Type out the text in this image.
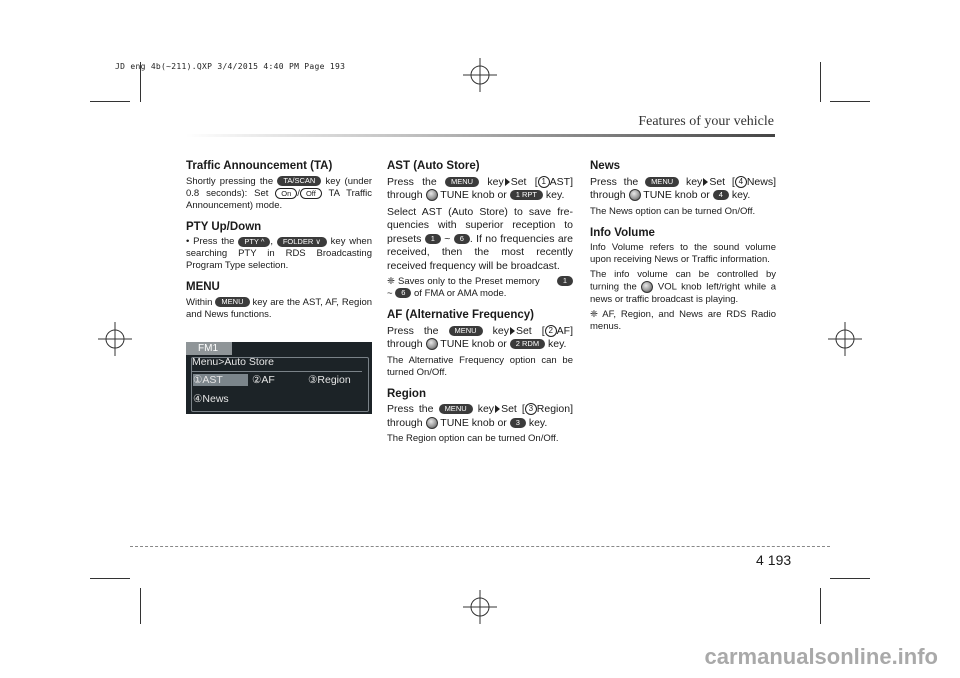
JD eng 4b(~211).QXP 3/4/2015 4:40 PM Page 193
Features of your vehicle
Traffic Announcement (TA)

Shortly pressing the TA/SCAN key (under 0.8 seconds): Set On / Off TA Traffic Announcement) mode.

PTY Up/Down

• Press the PTY ^ , FOLDER ∨ key when searching PTY in RDS Broadcasting Program Type selection.

MENU

Within MENU key are the AST, AF, Region and News functions.

FM1
Menu>Auto Store
①AST	②AF	③Region
④News
AST (Auto Store)

Press the MENU key Set [ 1 AST] through TUNE knob or 1 RPT key.

Select AST (Auto Store) to save fre-quencies with superior reception to presets 1 ~ 6 . If no frequencies are received, then the most recently received frequency will be broadcast.

❈ Saves only to the Preset memory	1 ~ 6 of FMA or AMA mode.

AF (Alternative Frequency)

Press the MENU key Set [ 2 AF] through TUNE knob or 2 RDM key.

The Alternative Frequency option can be turned On/Off.

Region

Press the MENU key Set [ 3 Region] through TUNE knob or 3 key.

The Region option can be turned On/Off.

News

Press the MENU key Set [ 4 News] through TUNE knob or 4 key.

The News option can be turned On/Off.

Info Volume

Info Volume refers to the sound volume upon receiving News or Traffic information.

The info volume can be controlled by turning the VOL knob left/right while a news or traffic broadcast is playing.

❈ AF, Region, and News are RDS Radio menus.

4 193
carmanualsonline.info
